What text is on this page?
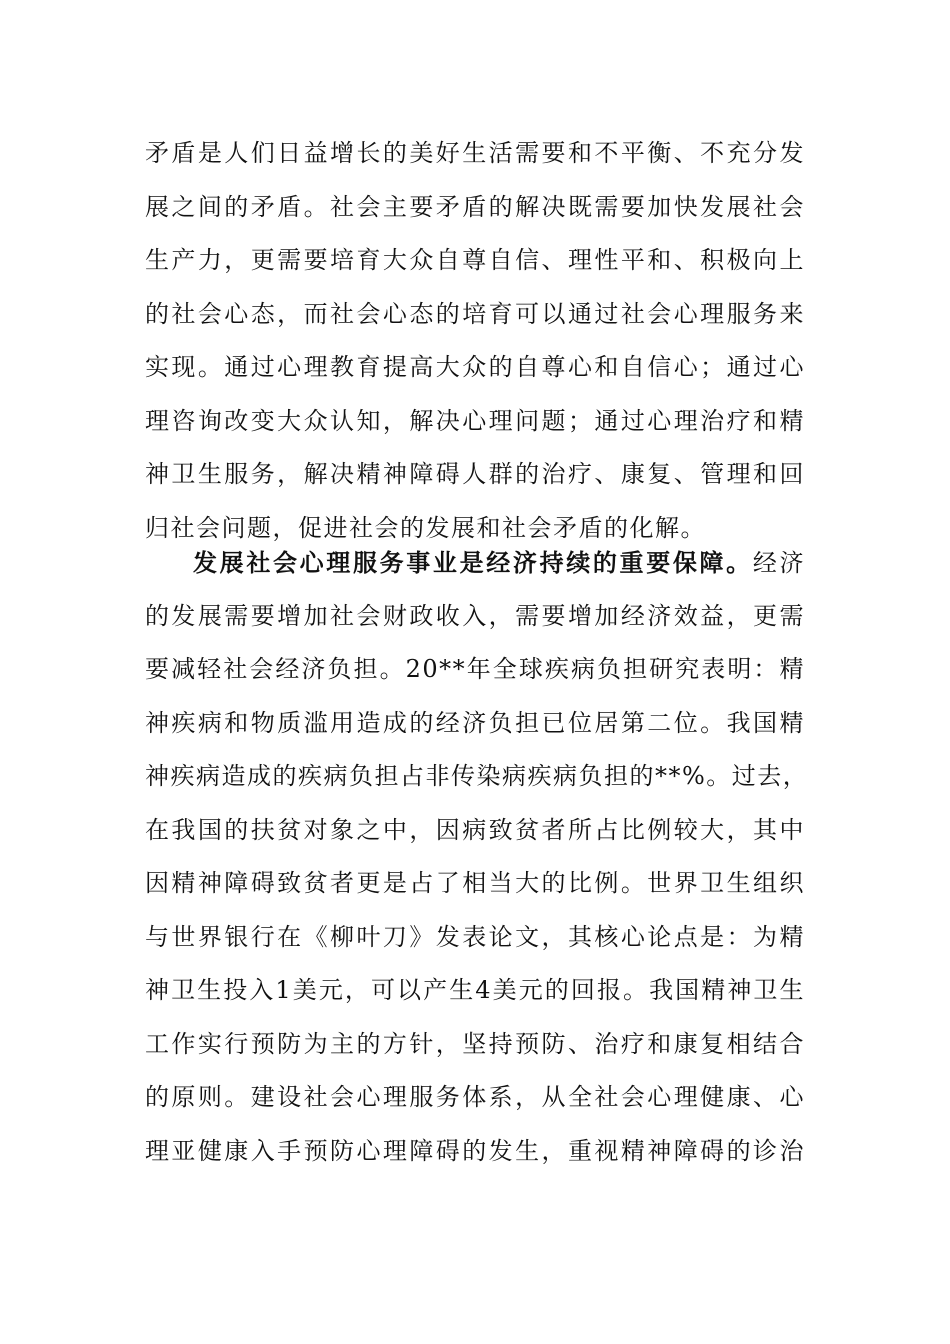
矛盾是人们日益增长的美好生活需要和不平衡、不充分发
展之间的矛盾。社会主要矛盾的解决既需要加快发展社会
生产力，更需要培育大众自尊自信、理性平和、积极向上
的社会心态，而社会心态的培育可以通过社会心理服务来
实现。通过心理教育提高大众的自尊心和自信心；通过心
理咨询改变大众认知，解决心理问题；通过心理治疗和精
神卫生服务，解决精神障碍人群的治疗、康复、管理和回
归社会问题，促进社会的发展和社会矛盾的化解。
发展社会心理服务事业是经济持续的重要保障。经济
的发展需要增加社会财政收入，需要增加经济效益，更需
要减轻社会经济负担。20**年全球疾病负担研究表明：精
神疾病和物质滥用造成的经济负担已位居第二位。我国精
神疾病造成的疾病负担占非传染病疾病负担的**%。过去，
在我国的扶贫对象之中，因病致贫者所占比例较大，其中
因精神障碍致贫者更是占了相当大的比例。世界卫生组织
与世界银行在《柳叶刀》发表论文，其核心论点是：为精
神卫生投入1美元，可以产生4美元的回报。我国精神卫生
工作实行预防为主的方针，坚持预防、治疗和康复相结合
的原则。建设社会心理服务体系，从全社会心理健康、心
理亚健康入手预防心理障碍的发生，重视精神障碍的诊治
